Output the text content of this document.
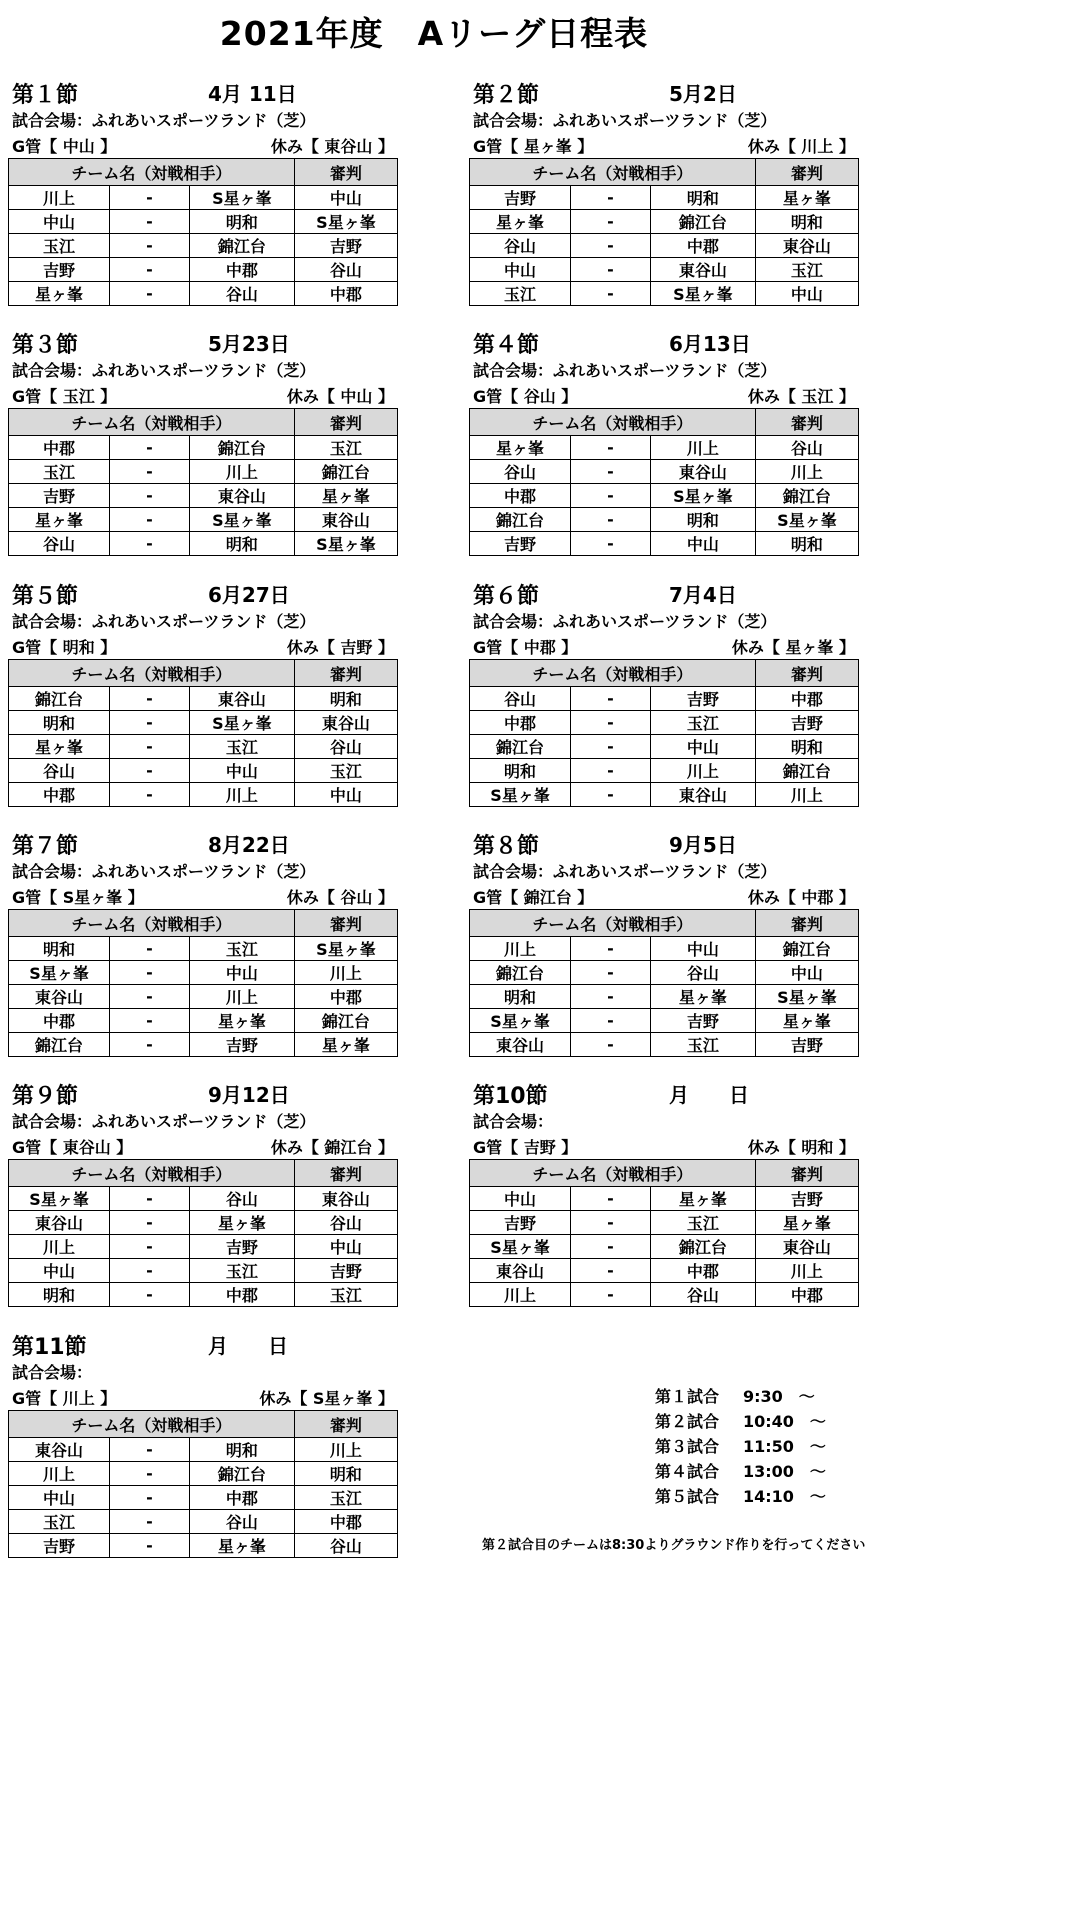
2021年度　Aリーグ日程表
第１節	4月 11日
試合会場：ふれあいスポーツランド（芝）
G管【 中山 】	休み【 東谷山 】
チーム名（対戦相手）			審判
川上	-	S星ヶ峯	中山
中山	-	明和	S星ヶ峯
玉江	-	錦江台	吉野
吉野	-	中郡	谷山
星ヶ峯	-	谷山	中郡
第２節	5月2日
試合会場：ふれあいスポーツランド（芝）
G管【 星ヶ峯 】	休み【 川上 】
チーム名（対戦相手）			審判
吉野	-	明和	星ヶ峯
星ヶ峯	-	錦江台	明和
谷山	-	中郡	東谷山
中山	-	東谷山	玉江
玉江	-	S星ヶ峯	中山
第３節	5月23日
試合会場：ふれあいスポーツランド（芝）
G管【 玉江 】	休み【 中山 】
チーム名（対戦相手）			審判
中郡	-	錦江台	玉江
玉江	-	川上	錦江台
吉野	-	東谷山	星ヶ峯
星ヶ峯	-	S星ヶ峯	東谷山
谷山	-	明和	S星ヶ峯
第４節	6月13日
試合会場：ふれあいスポーツランド（芝）
G管【 谷山 】	休み【 玉江 】
チーム名（対戦相手）			審判
星ヶ峯	-	川上	谷山
谷山	-	東谷山	川上
中郡	-	S星ヶ峯	錦江台
錦江台	-	明和	S星ヶ峯
吉野	-	中山	明和
第５節	6月27日
試合会場：ふれあいスポーツランド（芝）
G管【 明和 】	休み【 吉野 】
チーム名（対戦相手）			審判
錦江台	-	東谷山	明和
明和	-	S星ヶ峯	東谷山
星ヶ峯	-	玉江	谷山
谷山	-	中山	玉江
中郡	-	川上	中山
第６節	7月4日
試合会場：ふれあいスポーツランド（芝）
G管【 中郡 】	休み【 星ヶ峯 】
チーム名（対戦相手）			審判
谷山	-	吉野	中郡
中郡	-	玉江	吉野
錦江台	-	中山	明和
明和	-	川上	錦江台
S星ヶ峯	-	東谷山	川上
第７節	8月22日
試合会場：ふれあいスポーツランド（芝）
G管【 S星ヶ峯 】	休み【 谷山 】
チーム名（対戦相手）			審判
明和	-	玉江	S星ヶ峯
S星ヶ峯	-	中山	川上
東谷山	-	川上	中郡
中郡	-	星ヶ峯	錦江台
錦江台	-	吉野	星ヶ峯
第８節	9月5日
試合会場：ふれあいスポーツランド（芝）
G管【 錦江台 】	休み【 中郡 】
チーム名（対戦相手）			審判
川上	-	中山	錦江台
錦江台	-	谷山	中山
明和	-	星ヶ峯	S星ヶ峯
S星ヶ峯	-	吉野	星ヶ峯
東谷山	-	玉江	吉野
第９節	9月12日
試合会場：ふれあいスポーツランド（芝）
G管【 東谷山 】	休み【 錦江台 】
チーム名（対戦相手）			審判
S星ヶ峯	-	谷山	東谷山
東谷山	-	星ヶ峯	谷山
川上	-	吉野	中山
中山	-	玉江	吉野
明和	-	中郡	玉江
第10節	月　　日
試合会場：
G管【 吉野 】	休み【 明和 】
チーム名（対戦相手）			審判
中山	-	星ヶ峯	吉野
吉野	-	玉江	星ヶ峯
S星ヶ峯	-	錦江台	東谷山
東谷山	-	中郡	川上
川上	-	谷山	中郡
第11節	月　　日
試合会場：
G管【 川上 】	休み【 S星ヶ峯 】
チーム名（対戦相手）			審判
東谷山	-	明和	川上
川上	-	錦江台	明和
中山	-	中郡	玉江
玉江	-	谷山	中郡
吉野	-	星ヶ峯	谷山
第１試合 9:30　～
第２試合 10:40　～
第３試合 11:50　～
第４試合 13:00　～
第５試合 14:10　～
第２試合目のチームは8:30よりグラウンド作りを行ってください
